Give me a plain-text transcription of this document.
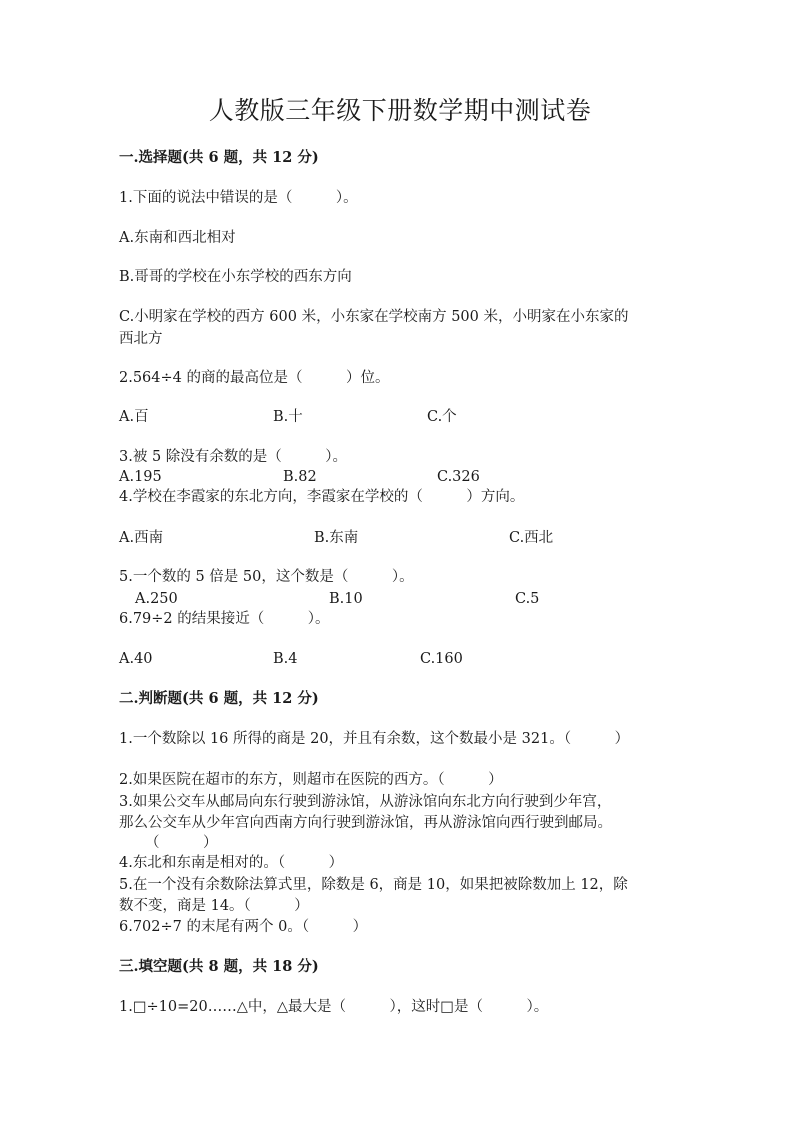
人教版三年级下册数学期中测试卷
一.选择题(共 6 题，共 12 分)
1.下面的说法中错误的是（　　　）。
A.东南和西北相对
B.哥哥的学校在小东学校的西东方向
C.小明家在学校的西方 600 米，小东家在学校南方 500 米，小明家在小东家的
西北方
2.564÷4 的商的最高位是（　　　）位。
A.百	B.十	C.个
3.被 5 除没有余数的是（　　　）。
A.195	B.82	C.326
4.学校在李霞家的东北方向，李霞家在学校的（　　　）方向。
A.西南	B.东南	C.西北
5.一个数的 5 倍是 50，这个数是（　　　）。
A.250	B.10	C.5
6.79÷2 的结果接近（　　　）。
A.40	B.4	C.160
二.判断题(共 6 题，共 12 分)
1.一个数除以 16 所得的商是 20，并且有余数，这个数最小是 321。（　　　）
2.如果医院在超市的东方，则超市在医院的西方。（　　　）
3.如果公交车从邮局向东行驶到游泳馆，从游泳馆向东北方向行驶到少年宫，
那么公交车从少年宫向西南方向行驶到游泳馆，再从游泳馆向西行驶到邮局。
（　　　）
4.东北和东南是相对的。（　　　）
5.在一个没有余数除法算式里，除数是 6，商是 10，如果把被除数加上 12，除
数不变，商是 14。（　　　）
6.702÷7 的末尾有两个 0。（　　　）
三.填空题(共 8 题，共 18 分)
1.□÷10=20……△中，△最大是（　　　），这时□是（　　　）。
